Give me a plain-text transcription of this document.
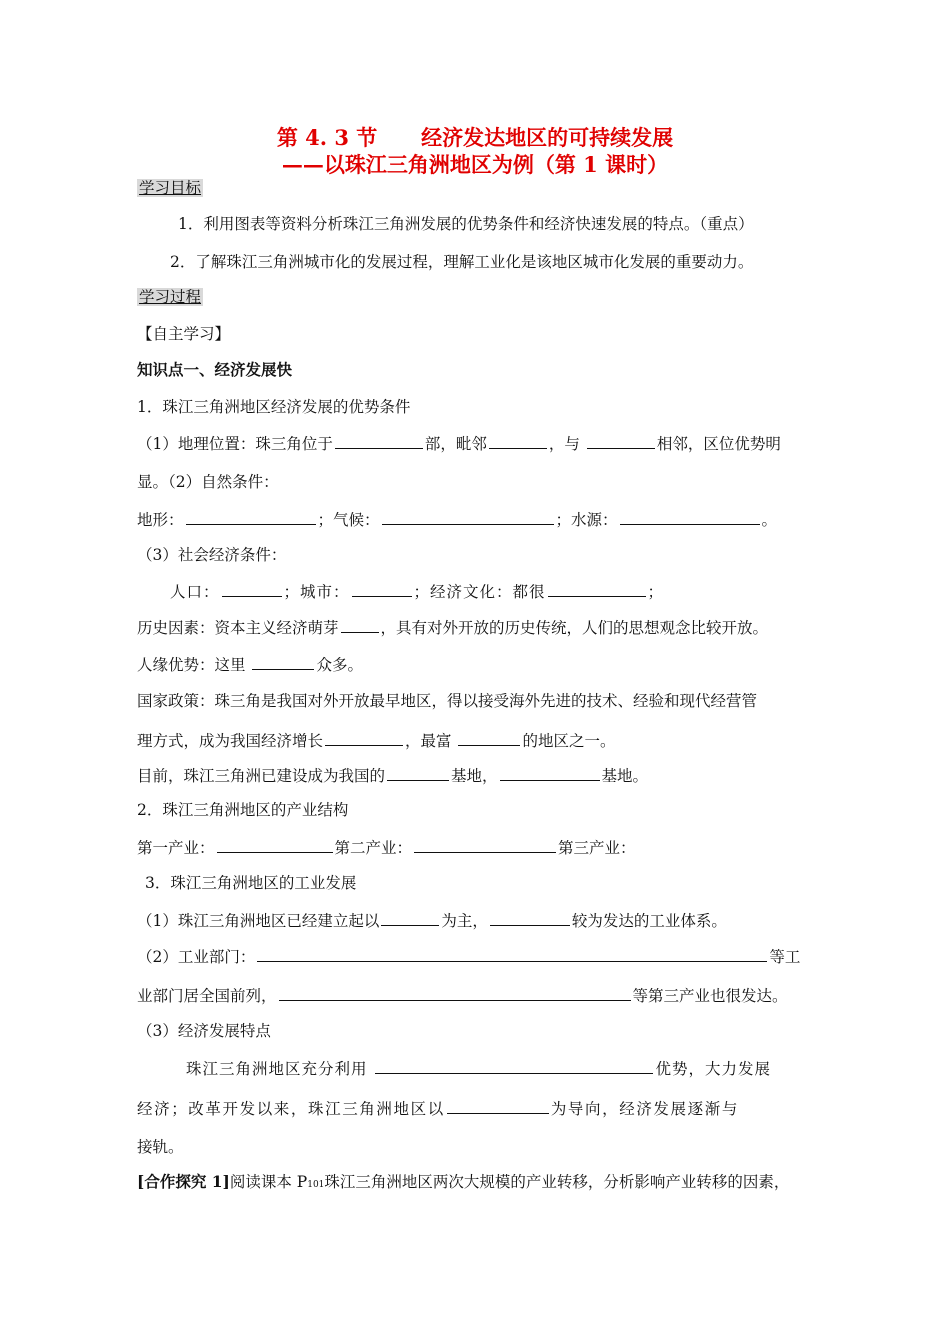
第 4. 3 节      经济发达地区的可持续发展
——以珠江三角洲地区为例（第 1 课时）
学习目标
1．利用图表等资料分析珠江三角洲发展的优势条件和经济快速发展的特点。（重点）
2．了解珠江三角洲城市化的发展过程，理解工业化是该地区城市化发展的重要动力。
学习过程
【自主学习】
知识点一、经济发展快
1．珠江三角洲地区经济发展的优势条件
（1）地理位置：珠三角位于	部，毗邻	，与	相邻，区位优势明
显。（2）自然条件：
地形：	；气候：	；水源：	。
（3）社会经济条件：
人口：	；城市：	；经济文化：都很	；
历史因素：资本主义经济萌芽	，具有对外开放的历史传统，人们的思想观念比较开放。
人缘优势：这里	众多。
国家政策：珠三角是我国对外开放最早地区，得以接受海外先进的技术、经验和现代经营管
理方式，成为我国经济增长	，最富	的地区之一。
目前，珠江三角洲已建设成为我国的	基地，	基地。
2．珠江三角洲地区的产业结构
第一产业：	第二产业：	第三产业：
3．珠江三角洲地区的工业发展
（1）珠江三角洲地区已经建立起以	为主，	较为发达的工业体系。
（2）工业部门：	等工
业部门居全国前列，	等第三产业也很发达。
（3）经济发展特点
珠江三角洲地区充分利用	优势，大力发展
经济；改革开发以来，珠江三角洲地区以	为导向，经济发展逐渐与
接轨。
[合作探究 1]阅读课本 P101珠江三角洲地区两次大规模的产业转移，分析影响产业转移的因素，
